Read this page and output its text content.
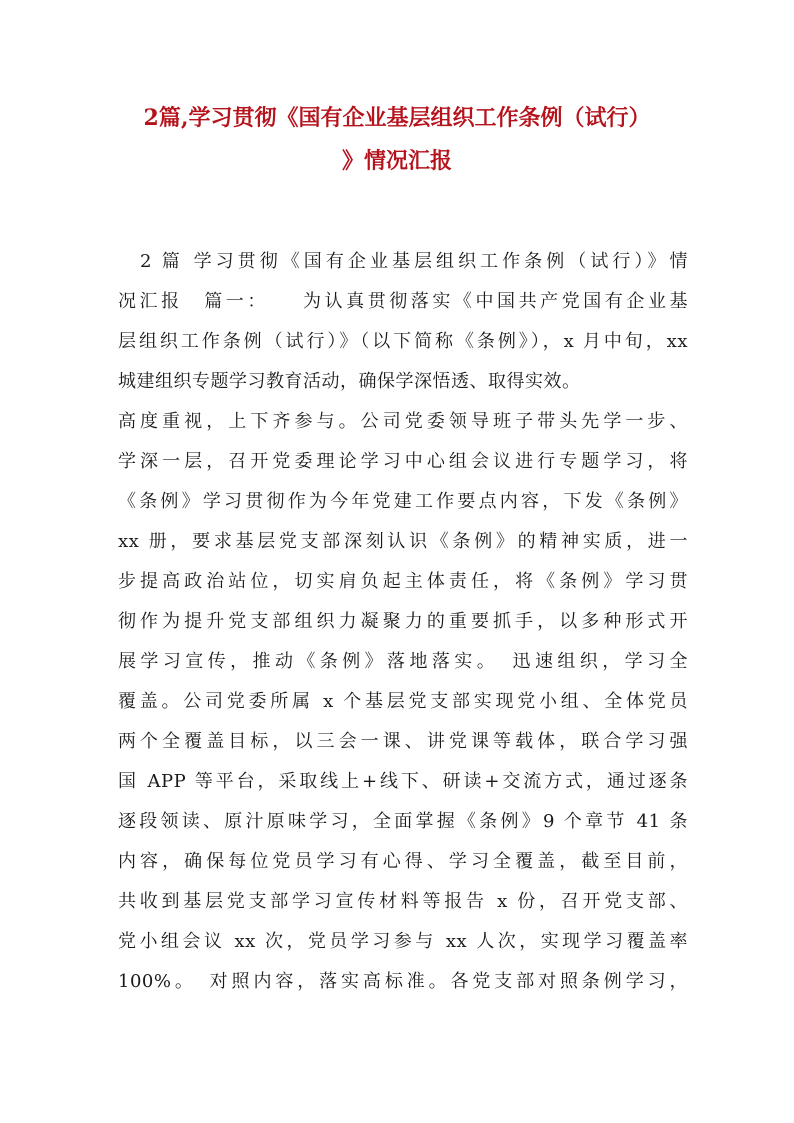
2篇,学习贯彻《国有企业基层组织工作条例（试行）
》情况汇报
　2 篇 学习贯彻《国有企业基层组织工作条例（试行）》情
况汇报　篇一：　　为认真贯彻落实《中国共产党国有企业基
层组织工作条例（试行）》（以下简称《条例》），x 月中旬，xx
城建组织专题学习教育活动，确保学深悟透、取得实效。
高度重视，上下齐参与。公司党委领导班子带头先学一步、
学深一层，召开党委理论学习中心组会议进行专题学习，将
《条例》学习贯彻作为今年党建工作要点内容，下发《条例》
xx 册，要求基层党支部深刻认识《条例》的精神实质，进一
步提高政治站位，切实肩负起主体责任，将《条例》学习贯
彻作为提升党支部组织力凝聚力的重要抓手，以多种形式开
展学习宣传，推动《条例》落地落实。　迅速组织，学习全
覆盖。公司党委所属 x 个基层党支部实现党小组、全体党员
两个全覆盖目标，以三会一课、讲党课等载体，联合学习强
国 APP 等平台，采取线上+线下、研读+交流方式，通过逐条
逐段领读、原汁原味学习，全面掌握《条例》9 个章节 41 条
内容，确保每位党员学习有心得、学习全覆盖，截至目前，
共收到基层党支部学习宣传材料等报告 x 份，召开党支部、
党小组会议 xx 次，党员学习参与 xx 人次，实现学习覆盖率
100%。　对照内容，落实高标准。各党支部对照条例学习，
